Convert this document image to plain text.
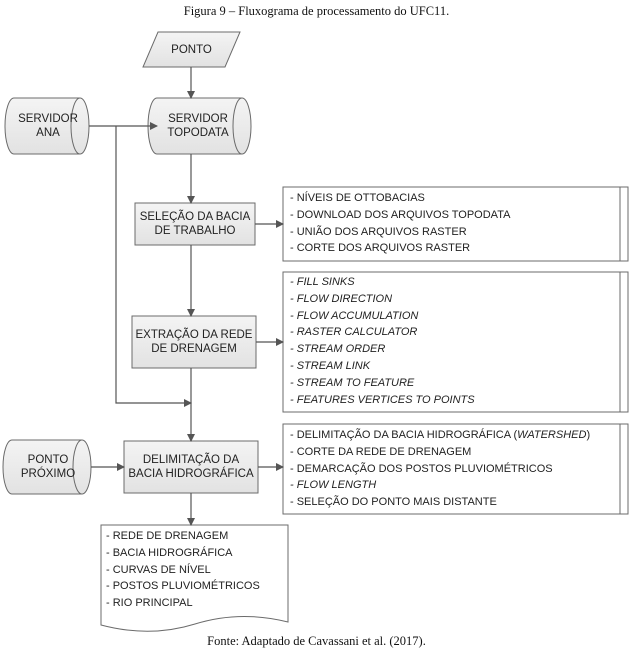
Figura 9 – Fluxograma de processamento do UFC11.
PONTO
SERVIDOR
ANA
SERVIDOR
TOPODATA
SELEÇÃO DA BACIA
DE TRABALHO
EXTRAÇÃO DA REDE
DE DRENAGEM
PONTO
PRÓXIMO
DELIMITAÇÃO DA
BACIA HIDROGRÁFICA
- NÍVEIS DE OTTOBACIAS
- DOWNLOAD DOS ARQUIVOS TOPODATA
- UNIÃO DOS ARQUIVOS RASTER
- CORTE DOS ARQUIVOS RASTER
- FILL SINKS
- FLOW DIRECTION
- FLOW ACCUMULATION
- RASTER CALCULATOR
- STREAM ORDER
- STREAM LINK
- STREAM TO FEATURE
- FEATURES VERTICES TO POINTS
- DELIMITAÇÃO DA BACIA HIDROGRÁFICA (WATERSHED)
- CORTE DA REDE DE DRENAGEM
- DEMARCAÇÃO DOS POSTOS PLUVIOMÉTRICOS
- FLOW LENGTH
- SELEÇÃO DO PONTO MAIS DISTANTE
- REDE DE DRENAGEM
- BACIA HIDROGRÁFICA
- CURVAS DE NÍVEL
- POSTOS PLUVIOMÉTRICOS
- RIO PRINCIPAL
Fonte: Adaptado de Cavassani et al. (2017).
